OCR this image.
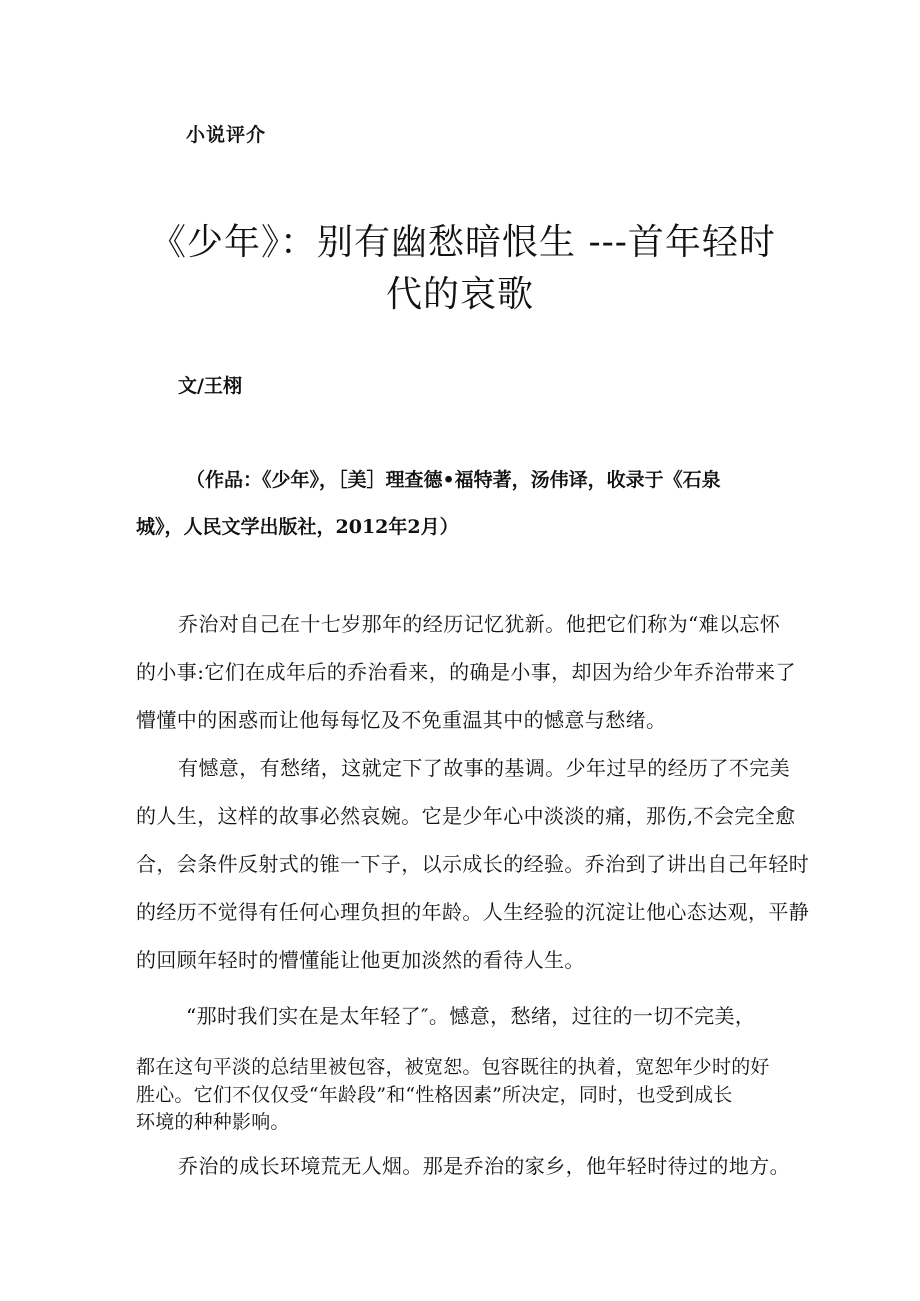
小说评介
《少年》：别有幽愁暗恨生 ---首年轻时
代的哀歌
文/王栩
（作品：《少年》，［美］理查德•福特著，汤伟译，收录于《石泉
城》，人民文学出版社，2012年2月）
乔治对自己在十七岁那年的经历记忆犹新。他把它们称为“难以忘怀
的小事:它们在成年后的乔治看来，的确是小事，却因为给少年乔治带来了
懵懂中的困惑而让他每每忆及不免重温其中的憾意与愁绪。
有憾意，有愁绪，这就定下了故事的基调。少年过早的经历了不完美
的人生，这样的故事必然哀婉。它是少年心中淡淡的痛，那伤,不会完全愈
合，会条件反射式的锥一下子，以示成长的经验。乔治到了讲出自己年轻时
的经历不觉得有任何心理负担的年龄。人生经验的沉淀让他心态达观，平静
的回顾年轻时的懵懂能让他更加淡然的看待人生。
“那时我们实在是太年轻了″。憾意，愁绪，过往的一切不完美，
都在这句平淡的总结里被包容，被宽恕。包容既往的执着，宽恕年少时的好
胜心。它们不仅仅受“年龄段”和“性格因素”所决定，同时，也受到成长
环境的种种影响。
乔治的成长环境荒无人烟。那是乔治的家乡，他年轻时待过的地方。
